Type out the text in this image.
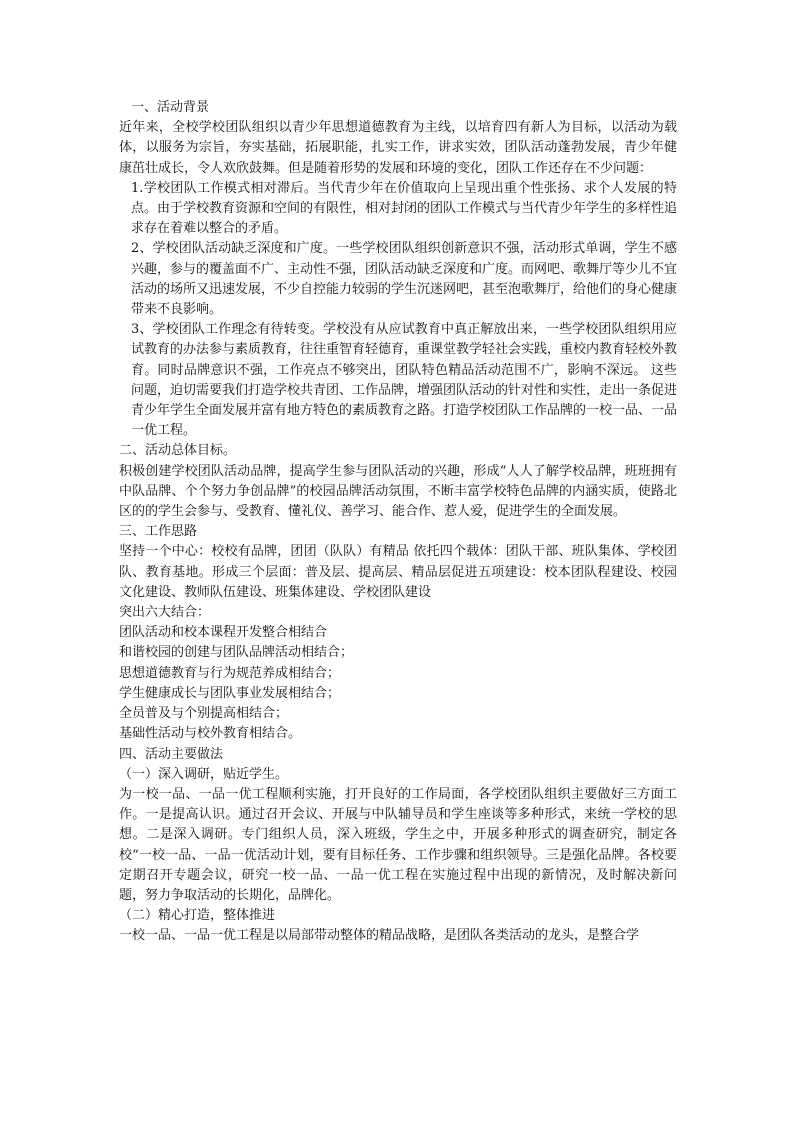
一、活动背景

近年来，全校学校团队组织以青少年思想道德教育为主线，以培育四有新人为目标，以活动为载体，以服务为宗旨，夯实基础，拓展职能，扎实工作，讲求实效，团队活动蓬勃发展，青少年健康茁壮成长，令人欢欣鼓舞。但是随着形势的发展和环境的变化，团队工作还存在不少问题：

1.学校团队工作模式相对滞后。当代青少年在价值取向上呈现出重个性张扬、求个人发展的特点。由于学校教育资源和空间的有限性，相对封闭的团队工作模式与当代青少年学生的多样性追求存在着难以整合的矛盾。

2、学校团队活动缺乏深度和广度。一些学校团队组织创新意识不强，活动形式单调，学生不感兴趣，参与的覆盖面不广、主动性不强，团队活动缺乏深度和广度。而网吧、歌舞厅等少儿不宜活动的场所又迅速发展，不少自控能力较弱的学生沉迷网吧，甚至泡歌舞厅，给他们的身心健康带来不良影响。

3、学校团队工作理念有待转变。学校没有从应试教育中真正解放出来，一些学校团队组织用应试教育的办法参与素质教育，往往重智育轻德育，重课堂教学轻社会实践，重校内教育轻校外教育。同时品牌意识不强，工作亮点不够突出，团队特色精品活动范围不广，影响不深远。 这些问题，迫切需要我们打造学校共青团、工作品牌，增强团队活动的针对性和实性，走出一条促进青少年学生全面发展并富有地方特色的素质教育之路。打造学校团队工作品牌的一校一品、一品一优工程。

二、活动总体目标。

积极创建学校团队活动品牌，提高学生参与团队活动的兴趣，形成“人人了解学校品牌，班班拥有中队品牌、个个努力争创品牌”的校园品牌活动氛围，不断丰富学校特色品牌的内涵实质，使路北区的的学生会参与、受教育、懂礼仪、善学习、能合作、惹人爱，促进学生的全面发展。

三、工作思路

坚持一个中心：校校有品牌，团团（队队）有精品 依托四个载体：团队干部、班队集体、学校团队、教育基地。形成三个层面：普及层、提高层、精品层促进五项建设：校本团队程建设、校园文化建设、教师队伍建设、班集体建设、学校团队建设

突出六大结合：

团队活动和校本课程开发整合相结合

和谐校园的创建与团队品牌活动相结合；

思想道德教育与行为规范养成相结合；

学生健康成长与团队事业发展相结合；

全员普及与个别提高相结合；

基础性活动与校外教育相结合。

四、活动主要做法

（一）深入调研，贴近学生。

为一校一品、一品一优工程顺利实施，打开良好的工作局面，各学校团队组织主要做好三方面工作。一是提高认识。通过召开会议、开展与中队辅导员和学生座谈等多种形式，来统一学校的思想。二是深入调研。专门组织人员，深入班级，学生之中，开展多种形式的调查研究，制定各校“一校一品、一品一优活动计划，要有目标任务、工作步骤和组织领导。三是强化品牌。各校要定期召开专题会议，研究一校一品、一品一优工程在实施过程中出现的新情况，及时解决新问题，努力争取活动的长期化，品牌化。

（二）精心打造，整体推进

一校一品、一品一优工程是以局部带动整体的精品战略，是团队各类活动的龙头，是整合学
